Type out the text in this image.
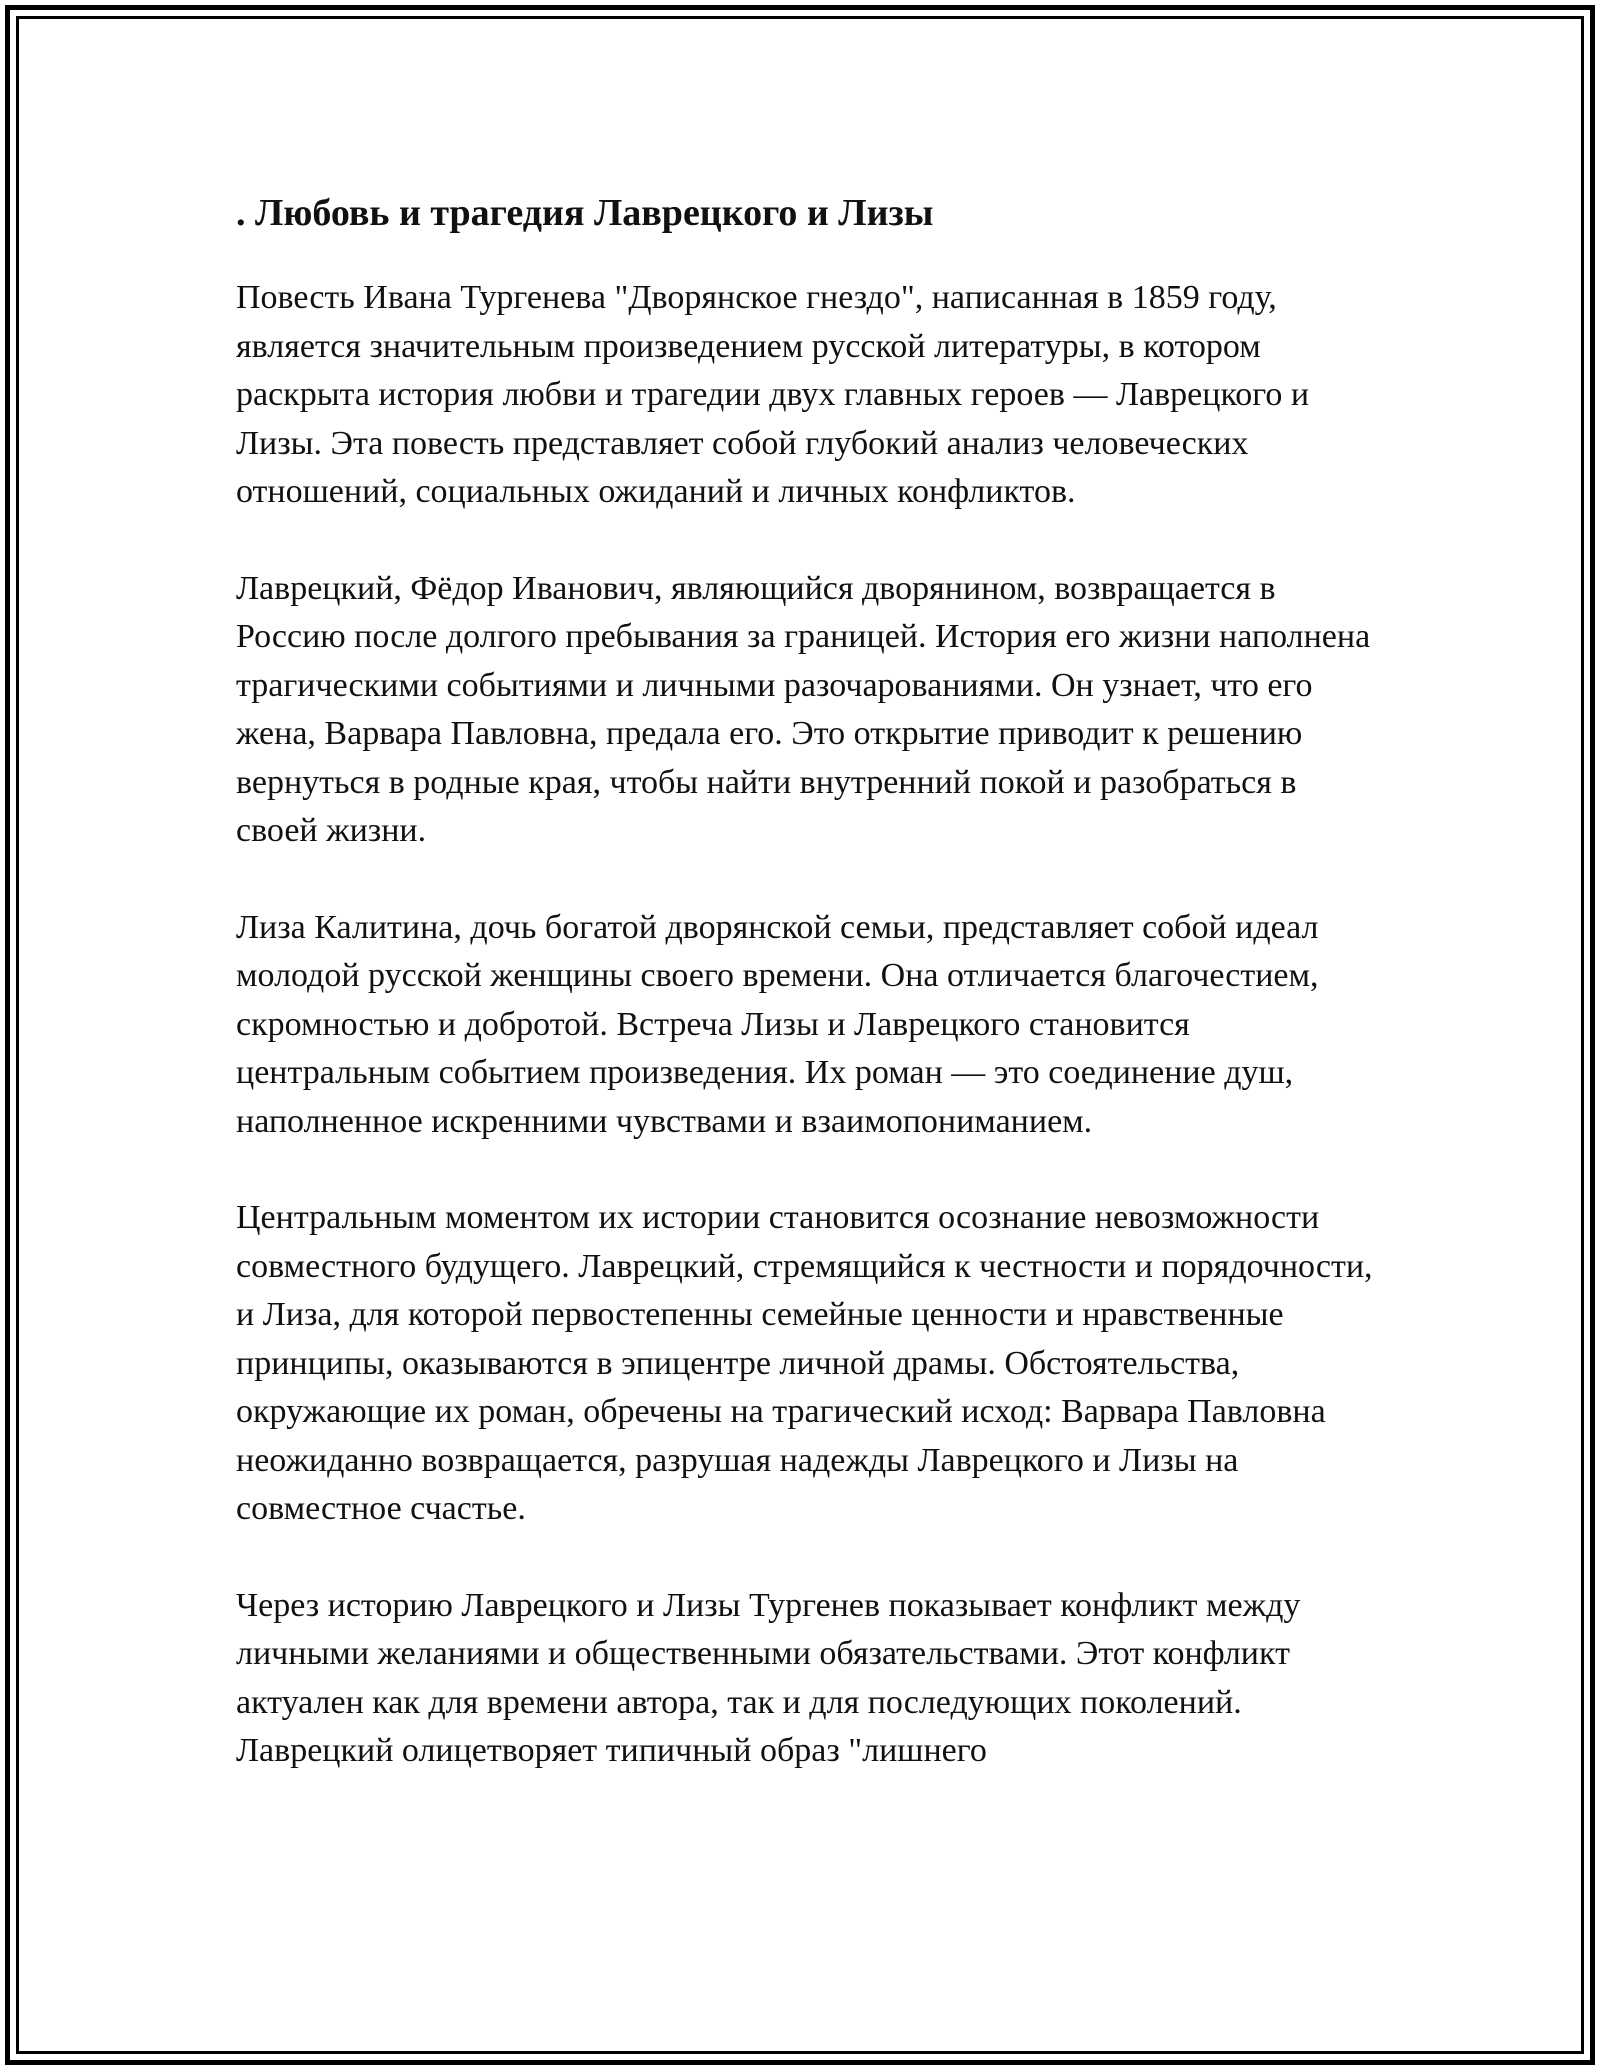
. Любовь и трагедия Лаврецкого и Лизы

Повесть Ивана Тургенева "Дворянское гнездо", написанная в 1859 году, является значительным произведением русской литературы, в котором раскрыта история любви и трагедии двух главных героев — Лаврецкого и Лизы. Эта повесть представляет собой глубокий анализ человеческих отношений, социальных ожиданий и личных конфликтов.

Лаврецкий, Фёдор Иванович, являющийся дворянином, возвращается в Россию после долгого пребывания за границей. История его жизни наполнена трагическими событиями и личными разочарованиями. Он узнает, что его жена, Варвара Павловна, предала его. Это открытие приводит к решению вернуться в родные края, чтобы найти внутренний покой и разобраться в своей жизни.

Лиза Калитина, дочь богатой дворянской семьи, представляет собой идеал молодой русской женщины своего времени. Она отличается благочестием, скромностью и добротой. Встреча Лизы и Лаврецкого становится центральным событием произведения. Их роман — это соединение душ, наполненное искренними чувствами и взаимопониманием.

Центральным моментом их истории становится осознание невозможности совместного будущего. Лаврецкий, стремящийся к честности и порядочности, и Лиза, для которой первостепенны семейные ценности и нравственные принципы, оказываются в эпицентре личной драмы. Обстоятельства, окружающие их роман, обречены на трагический исход: Варвара Павловна неожиданно возвращается, разрушая надежды Лаврецкого и Лизы на совместное счастье.

Через историю Лаврецкого и Лизы Тургенев показывает конфликт между личными желаниями и общественными обязательствами. Этот конфликт актуален как для времени автора, так и для последующих поколений. Лаврецкий олицетворяет типичный образ "лишнего
